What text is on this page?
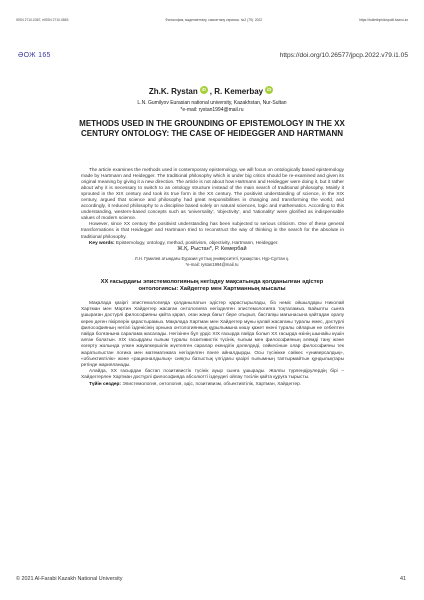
ISSN 2710-0367, eISSN 2710-0863	Философия, мәдениеттану, саясаттану сериясы. №2 (79). 2022	https://bulletinphilospolit.kaznu.kz
ӘОЖ 165	https://doi.org/10.26577/jpcp.2022.v79.i1.05
Zh.K. Rystan iD , R. Kemerbay iD
L.N. Gumilyov Eurasian national university, Kazakhstan, Nur-Sultan
*e-mail: rystan1994@mail.ru
METHODS USED IN THE GROUNDING OF EPISTEMOLOGY IN THE XX CENTURY ONTOLOGY: THE CASE OF HEIDEGGER AND HARTMANN

The article examines the methods used in contemporary epistemology, we will focus on ontologically based epistemology made by Hartmann and Heidegger. The traditional philosophy which is under big critics should be re-examined and given its original meaning by giving it a new direction. The article is not about how Hartmann and Heidegger were doing it, but it rather about why it is necessary to switch to an ontology structure instead of the main search of traditional philosophy. Mainly it sprouted in the XIX century and took its true form in the XX century. The positivist understanding of science, in the XIX century, argued that science and philosophy had great responsibilities in changing and transforming the world, and accordingly, it reduced philosophy to a discipline based solely on natural sciences, logic and mathematics. According to this understanding, western-based concepts such as 'universality', 'objectivity', and 'rationality' were glorified as indispensable values of modern science.

However, since XX century the positivist understanding has been subjected to serious criticism. One of these general transformations is that Heidegger and Hartmann tried to reconstruct the way of thinking in the search for the absolute in traditional philosophy.

Key words: Epistemology, ontology, method, positivism, objectivity, Hartmann, Heidegger.

Ж.Қ. Рыстан*, Р. Кемербай
Л.Н. Гумилев атындағы Еуразия ұлттық университеті, Қазақстан, Нұр-Сұлтан қ.
*e-mail: rystan1994@mail.ru
ХХ ғасырдағы эпистемологияның негіздеу мақсатында қолданылған әдістер онтологиясы: Хайдеггер мен Хартманның мысалы

Мақалада қазіргі эпистемологияда қолданылатын әдістер қарастырылады, біз немiс ойшылдары Николай Хартман мен Мартин Хайдеггер жасаған онтологияға негізделген эпистемологияға тоқталамыз. Байыпты сынға ұшыраған дәстүрлі философияны қайта қарап, оған жаңа бағыт бере отырып, бастапқы мағынасына қайтадан оралу керек деген пікірлерін қарастырамыз. Мақалада Хартман мен Хайдеггер мұны қалай жасағаны туралы емес, дәстүрлі философияның негізгі ізденісінің орнына онтологиянның құрылымына көшу қажет екені туралы ойларын не себептен пайда болғанына саралама жасалады. Негізінен бұл үрдіс ХІХ ғасырда пайда болып ХХ ғасырда өзінің шынайы күшін алған болатын. ХІХ ғасырдағы ғылым туралы позитивистік түсінік, ғылым мен философияның әлемді тану және өзгерту жолында үлкен жауапкершілік жүктелген саралар екендігін дәлелдеді, сөйкесінше олар философияны тек жаратылыстан логика мен математикаға негізделген пәнге айналдырды. Осы түсінікке сәйкес «универсалдық», «объективтілік» және «рационалдылық» сияқты батыстық үлгідағы қазіргі ғылымның таптырмайтын құндылықтары ретінде жарияланады.

Алайда, ХХ ғасырдан бастап позитивистік түсінік ауыр сынға ұшырады. Жалпы түрлендірулердің бірі – Хайдеггерлен Хартман дәстүрлі философияда абсолютті іздеудегі ойлау тәсілін қайта құруға тырысты.

Түйін сөздер: Эпистемология, онтология, әдіс, позитивизм, объективтілік, Хартман, Хайдеггер.

© 2021 Al-Farabi Kazakh National University	41
